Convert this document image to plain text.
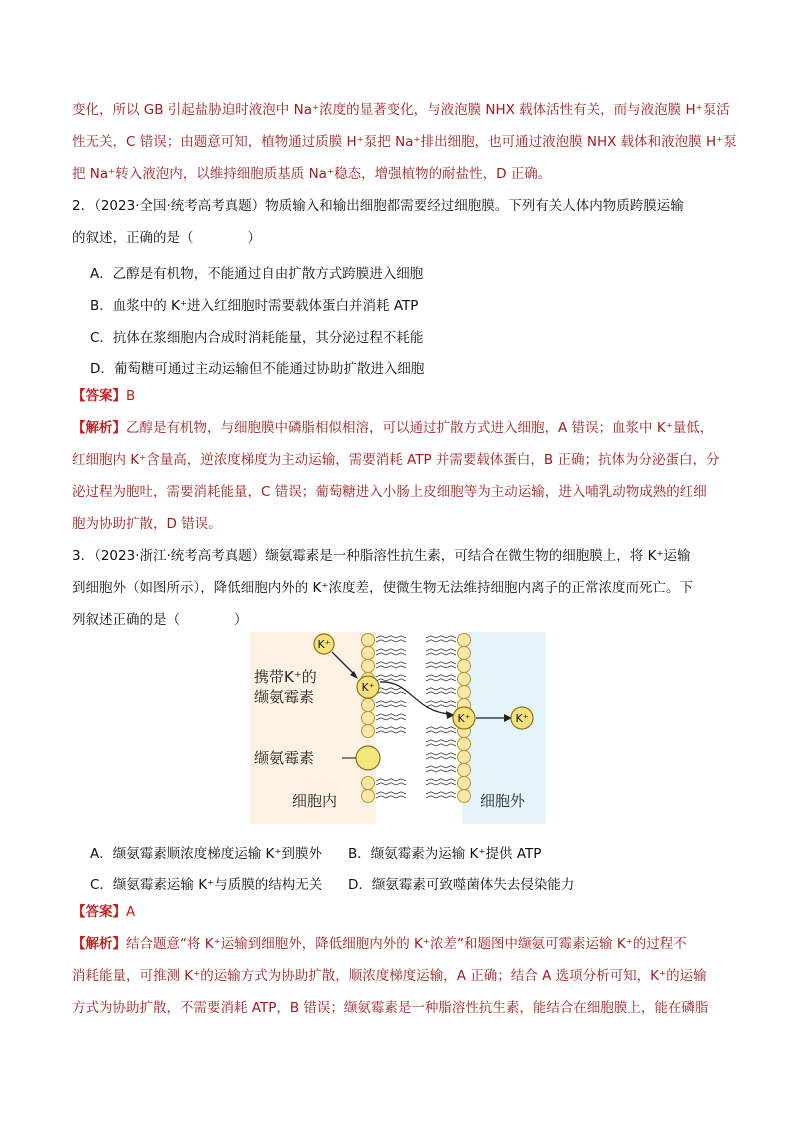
变化，所以 GB 引起盐胁迫时液泡中 Na⁺浓度的显著变化，与液泡膜 NHX 载体活性有关，而与液泡膜 H⁺泵活
性无关，C 错误；由题意可知，植物通过质膜 H⁺泵把 Na⁺排出细胞，也可通过液泡膜 NHX 载体和液泡膜 H⁺泵
把 Na⁺转入液泡内，以维持细胞质基质 Na⁺稳态，增强植物的耐盐性，D 正确。
2．（2023·全国·统考高考真题）物质输入和输出细胞都需要经过细胞膜。下列有关人体内物质跨膜运输
的叙述，正确的是（　　　　）
A．乙醇是有机物，不能通过自由扩散方式跨膜进入细胞
B．血浆中的 K⁺进入红细胞时需要载体蛋白并消耗 ATP
C．抗体在浆细胞内合成时消耗能量，其分泌过程不耗能
D．葡萄糖可通过主动运输但不能通过协助扩散进入细胞
【答案】B
【解析】乙醇是有机物，与细胞膜中磷脂相似相溶，可以通过扩散方式进入细胞，A 错误；血浆中 K⁺量低，
红细胞内 K⁺含量高，逆浓度梯度为主动运输，需要消耗 ATP 并需要载体蛋白，B 正确；抗体为分泌蛋白，分
泌过程为胞吐，需要消耗能量，C 错误；葡萄糖进入小肠上皮细胞等为主动运输，进入哺乳动物成熟的红细
胞为协助扩散，D 错误。
3．（2023·浙江·统考高考真题）缬氨霉素是一种脂溶性抗生素，可结合在微生物的细胞膜上，将 K⁺运输
到细胞外（如图所示），降低细胞内外的 K⁺浓度差，使微生物无法维持细胞内离子的正常浓度而死亡。下
列叙述正确的是（　　　　）
K⁺
K⁺
K⁺	K⁺
携带K⁺的
缬氨霉素
缬氨霉素
细胞内	细胞外
A．缬氨霉素顺浓度梯度运输 K⁺到膜外 B．缬氨霉素为运输 K⁺提供 ATP
C．缬氨霉素运输 K⁺与质膜的结构无关 D．缬氨霉素可致噬菌体失去侵染能力
【答案】A
【解析】结合题意“将 K⁺运输到细胞外，降低细胞内外的 K⁺浓差”和题图中缬氨可霉素运输 K⁺的过程不
消耗能量，可推测 K⁺的运输方式为协助扩散，顺浓度梯度运输，A 正确；结合 A 选项分析可知，K⁺的运输
方式为协助扩散，不需要消耗 ATP，B 错误；缬氨霉素是一种脂溶性抗生素，能结合在细胞膜上，能在磷脂
